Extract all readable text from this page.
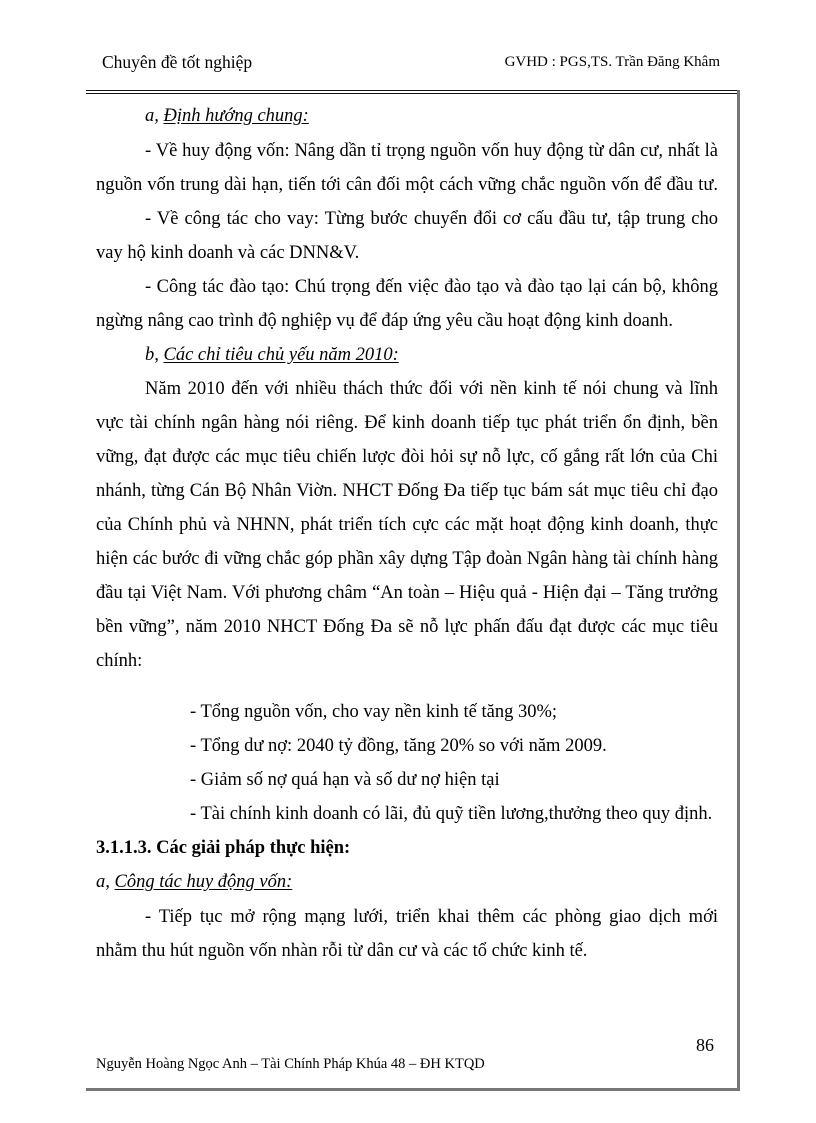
Chuyên đề tốt nghiệp	GVHD : PGS,TS. Trần Đăng Khâm
a, Định hướng chung:
- Về huy động vốn: Nâng dần tỉ trọng nguồn vốn huy động từ dân cư, nhất là
nguồn vốn trung dài hạn, tiến tới cân đối một cách vững chắc nguồn vốn để đầu tư.
- Về công tác cho vay: Từng bước chuyển đổi cơ cấu đầu tư, tập trung cho
vay hộ kinh doanh và các DNN&V.
- Công tác đào tạo: Chú trọng đến việc đào tạo và đào tạo lại cán bộ, không
ngừng nâng cao trình độ nghiệp vụ để đáp ứng yêu cầu hoạt động kinh doanh.
b, Các chỉ tiêu chủ yếu năm 2010:
Năm 2010 đến với nhiều thách thức đối với nền kinh tế nói chung và lĩnh
vực tài chính ngân hàng nói riêng. Để kinh doanh tiếp tục phát triển ổn định, bền
vững, đạt được các mục tiêu chiến lược đòi hỏi sự nỗ lực, cố gắng rất lớn của Chi
nhánh, từng Cán Bộ Nhân Viờn. NHCT Đống Đa tiếp tục bám sát mục tiêu chỉ đạo
của Chính phủ và NHNN, phát triển tích cực các mặt hoạt động kinh doanh, thực
hiện các bước đi vững chắc góp phần xây dựng Tập đoàn Ngân hàng tài chính hàng
đầu tại Việt Nam. Với phương châm “An toàn – Hiệu quả - Hiện đại – Tăng trưởng
bền vững”, năm 2010 NHCT Đống Đa sẽ nỗ lực phấn đấu đạt được các mục tiêu
chính:
- Tổng nguồn vốn, cho vay nền kinh tế tăng 30%;
- Tổng dư nợ: 2040 tỷ đồng, tăng 20% so với năm 2009.
- Giảm số nợ quá hạn và số dư nợ hiện tại
- Tài chính kinh doanh có lãi, đủ quỹ tiền lương,thưởng theo quy định.
3.1.1.3. Các giải pháp thực hiện:
a, Công tác huy động vốn:
- Tiếp tục mở rộng mạng lưới, triển khai thêm các phòng giao dịch mới
nhằm thu hút nguồn vốn nhàn rỗi từ dân cư và các tổ chức kinh tế.
86
Nguyễn Hoàng Ngọc Anh – Tài Chính Pháp Khúa 48 – ĐH KTQD
